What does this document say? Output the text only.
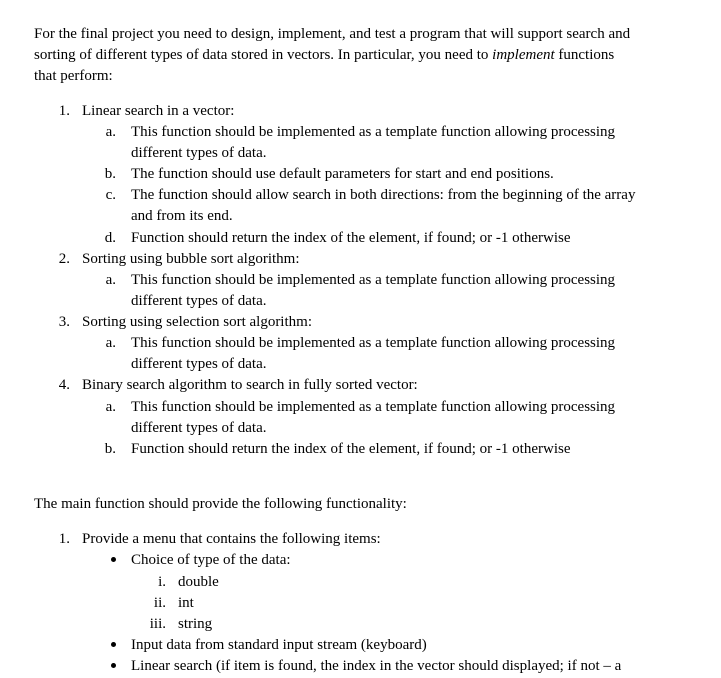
For the final project you need to design, implement, and test a program that will support search and
sorting of different types of data stored in vectors. In particular, you need to implement functions
that perform:
1. Linear search in a vector:
a. This function should be implemented as a template function allowing processing
different types of data.
b. The function should use default parameters for start and end positions.
c. The function should allow search in both directions: from the beginning of the array
and from its end.
d. Function should return the index of the element, if found; or -1 otherwise
2. Sorting using bubble sort algorithm:
a. This function should be implemented as a template function allowing processing
different types of data.
3. Sorting using selection sort algorithm:
a. This function should be implemented as a template function allowing processing
different types of data.
4. Binary search algorithm to search in fully sorted vector:
a. This function should be implemented as a template function allowing processing
different types of data.
b. Function should return the index of the element, if found; or -1 otherwise
The main function should provide the following functionality:
1. Provide a menu that contains the following items:
Choice of type of the data:
i. double
ii. int
iii. string
Input data from standard input stream (keyboard)
Linear search (if item is found, the index in the vector should displayed; if not – a
